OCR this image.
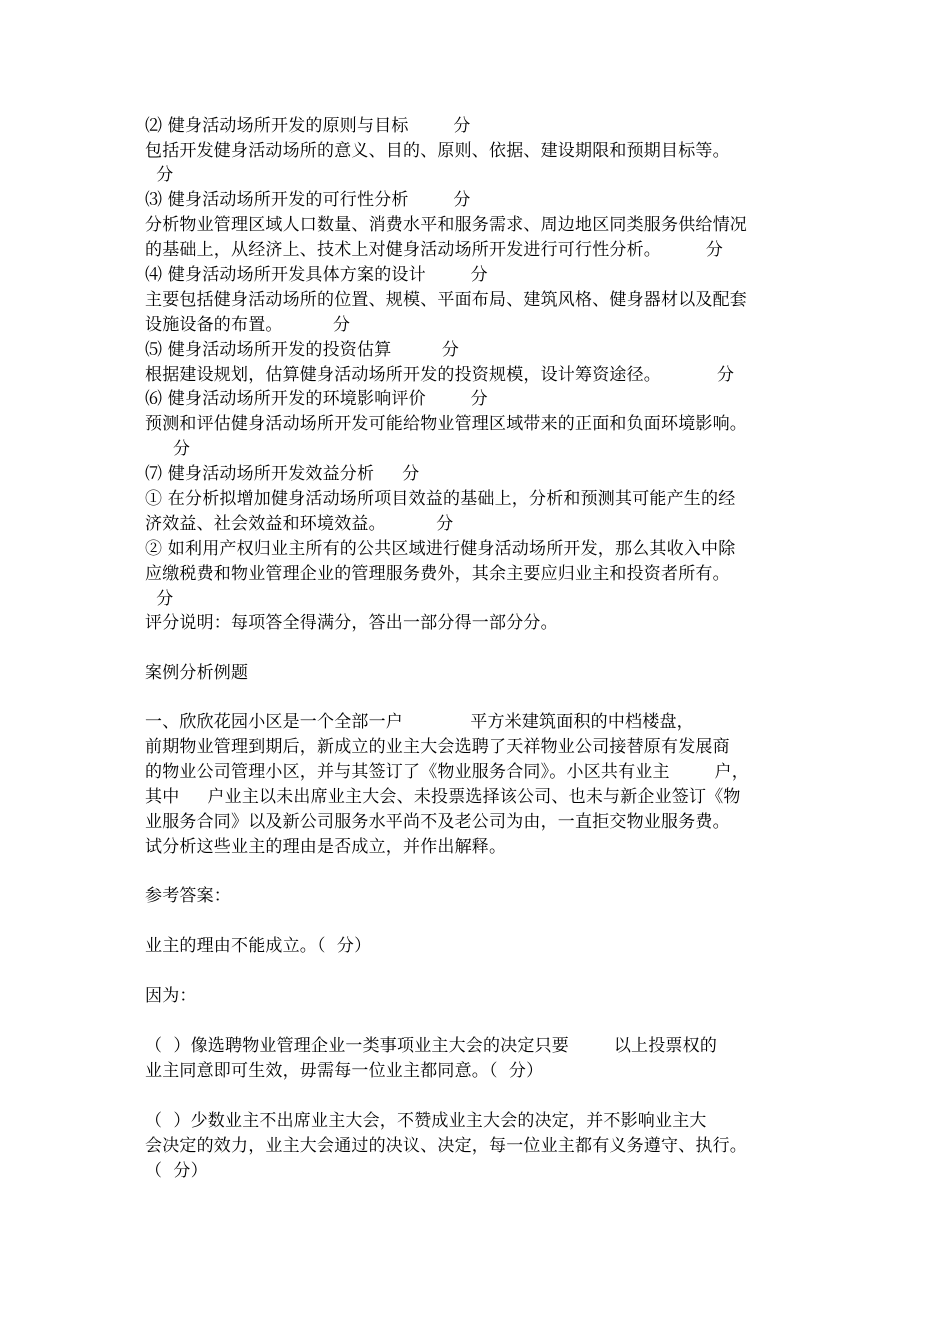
⑵ 健身活动场所开发的原则与目标        分
包括开发健身活动场所的意义、目的、原则、依据、建设期限和预期目标等。
分
⑶ 健身活动场所开发的可行性分析        分
分析物业管理区域人口数量、消费水平和服务需求、周边地区同类服务供给情况
的基础上，从经济上、技术上对健身活动场所开发进行可行性分析。        分
⑷ 健身活动场所开发具体方案的设计        分
主要包括健身活动场所的位置、规模、平面布局、建筑风格、健身器材以及配套
设施设备的布置。         分
⑸ 健身活动场所开发的投资估算         分
根据建设规划，估算健身活动场所开发的投资规模，设计筹资途径。          分
⑹ 健身活动场所开发的环境影响评价        分
预测和评估健身活动场所开发可能给物业管理区域带来的正面和负面环境影响。
分
⑺ 健身活动场所开发效益分析     分
① 在分析拟增加健身活动场所项目效益的基础上，分析和预测其可能产生的经
济效益、社会效益和环境效益。         分
② 如利用产权归业主所有的公共区域进行健身活动场所开发，那么其收入中除
应缴税费和物业管理企业的管理服务费外，其余主要应归业主和投资者所有。
分
评分说明：每项答全得满分，答出一部分得一部分分。
案例分析例题
一、欣欣花园小区是一个全部一户            平方米建筑面积的中档楼盘，
前期物业管理到期后，新成立的业主大会选聘了天祥物业公司接替原有发展商
的物业公司管理小区，并与其签订了《物业服务合同》。小区共有业主        户，
其中     户业主以未出席业主大会、未投票选择该公司、也未与新企业签订《物
业服务合同》以及新公司服务水平尚不及老公司为由，一直拒交物业服务费。
试分析这些业主的理由是否成立，并作出解释。
参考答案：
业主的理由不能成立。（  分）
因为：
（  ）像选聘物业管理企业一类事项业主大会的决定只要        以上投票权的
业主同意即可生效，毋需每一位业主都同意。（  分）
（  ）少数业主不出席业主大会，不赞成业主大会的决定，并不影响业主大
会决定的效力，业主大会通过的决议、决定，每一位业主都有义务遵守、执行。
（  分）
